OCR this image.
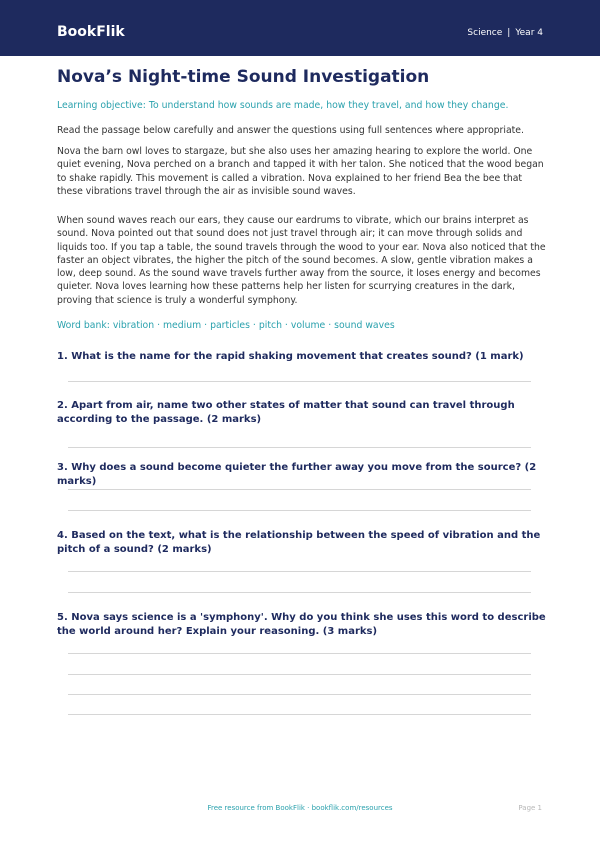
BookFlik	Science | Year 4
Nova’s Night-time Sound Investigation

Learning objective: To understand how sounds are made, how they travel, and how they change.

Read the passage below carefully and answer the questions using full sentences where appropriate.

Nova the barn owl loves to stargaze, but she also uses her amazing hearing to explore the world. One quiet evening, Nova perched on a branch and tapped it with her talon. She noticed that the wood began to shake rapidly. This movement is called a vibration. Nova explained to her friend Bea the bee that these vibrations travel through the air as invisible sound waves.

When sound waves reach our ears, they cause our eardrums to vibrate, which our brains interpret as sound. Nova pointed out that sound does not just travel through air; it can move through solids and liquids too. If you tap a table, the sound travels through the wood to your ear. Nova also noticed that the faster an object vibrates, the higher the pitch of the sound becomes. A slow, gentle vibration makes a low, deep sound. As the sound wave travels further away from the source, it loses energy and becomes quieter. Nova loves learning how these patterns help her listen for scurrying creatures in the dark, proving that science is truly a wonderful symphony.

Word bank: vibration · medium · particles · pitch · volume · sound waves

1. What is the name for the rapid shaking movement that creates sound? (1 mark)

2. Apart from air, name two other states of matter that sound can travel through according to the passage. (2 marks)

3. Why does a sound become quieter the further away you move from the source? (2 marks)

4. Based on the text, what is the relationship between the speed of vibration and the pitch of a sound? (2 marks)

5. Nova says science is a 'symphony'. Why do you think she uses this word to describe the world around her? Explain your reasoning. (3 marks)

Free resource from BookFlik · bookflik.com/resources	Page 1
